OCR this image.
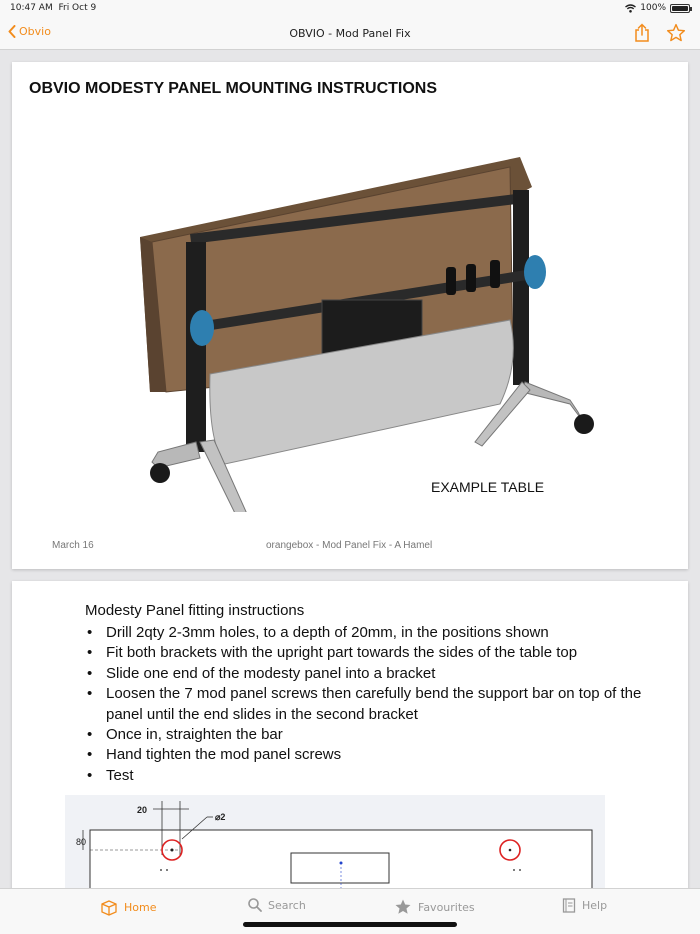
10:47 AM Fri Oct 9	100%
Obvio	OBVIO - Mod Panel Fix
OBVIO MODESTY PANEL MOUNTING INSTRUCTIONS
EXAMPLE TABLE
March 16	orangebox - Mod Panel Fix - A Hamel
Modesty Panel fitting instructions
• Drill 2qty 2-3mm holes, to a depth of 20mm, in the positions shown
• Fit both brackets with the upright part towards the sides of the table top
• Slide one end of the modesty panel into a bracket
• Loosen the 7 mod panel screws then carefully bend the support bar on top of the panel until the end slides in the second bracket
• Once in, straighten the bar
• Hand tighten the mod panel screws
• Test
20
⌀2
80
Home	Search	Favourites	Help
